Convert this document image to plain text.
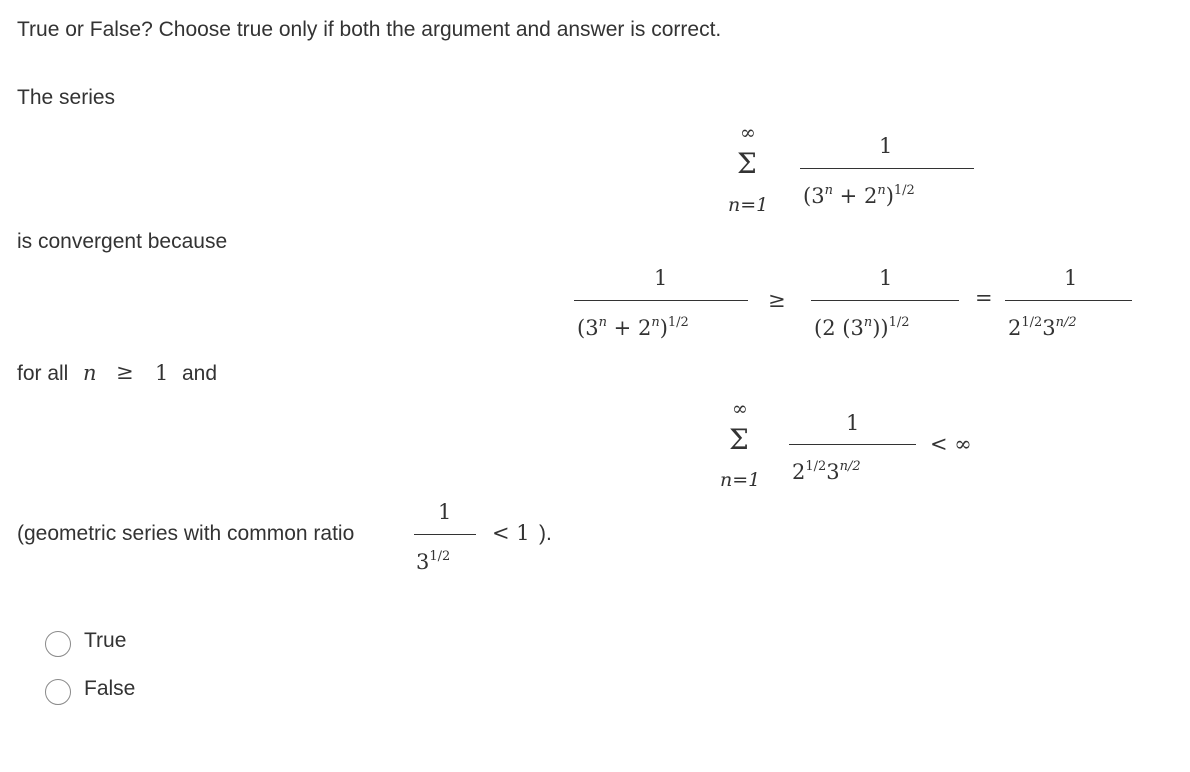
True or False? Choose true only if both the argument and answer is correct.
The series
∞
Σ
n=1
1
$(3^n + 2^n)^{1/2}$
is convergent because
1
$(3^n + 2^n)^{1/2}$
≥
1
(2 $(3^n))^{1/2}$
=
1
$2^{1/2}3^{n/2}$
for all n ≥ 1 and
∞
Σ
n=1
1
$2^{1/2}3^{n/2}$
< ∞
(geometric series with common ratio
1
$3^{1/2}$
< 1 ).
True
False
